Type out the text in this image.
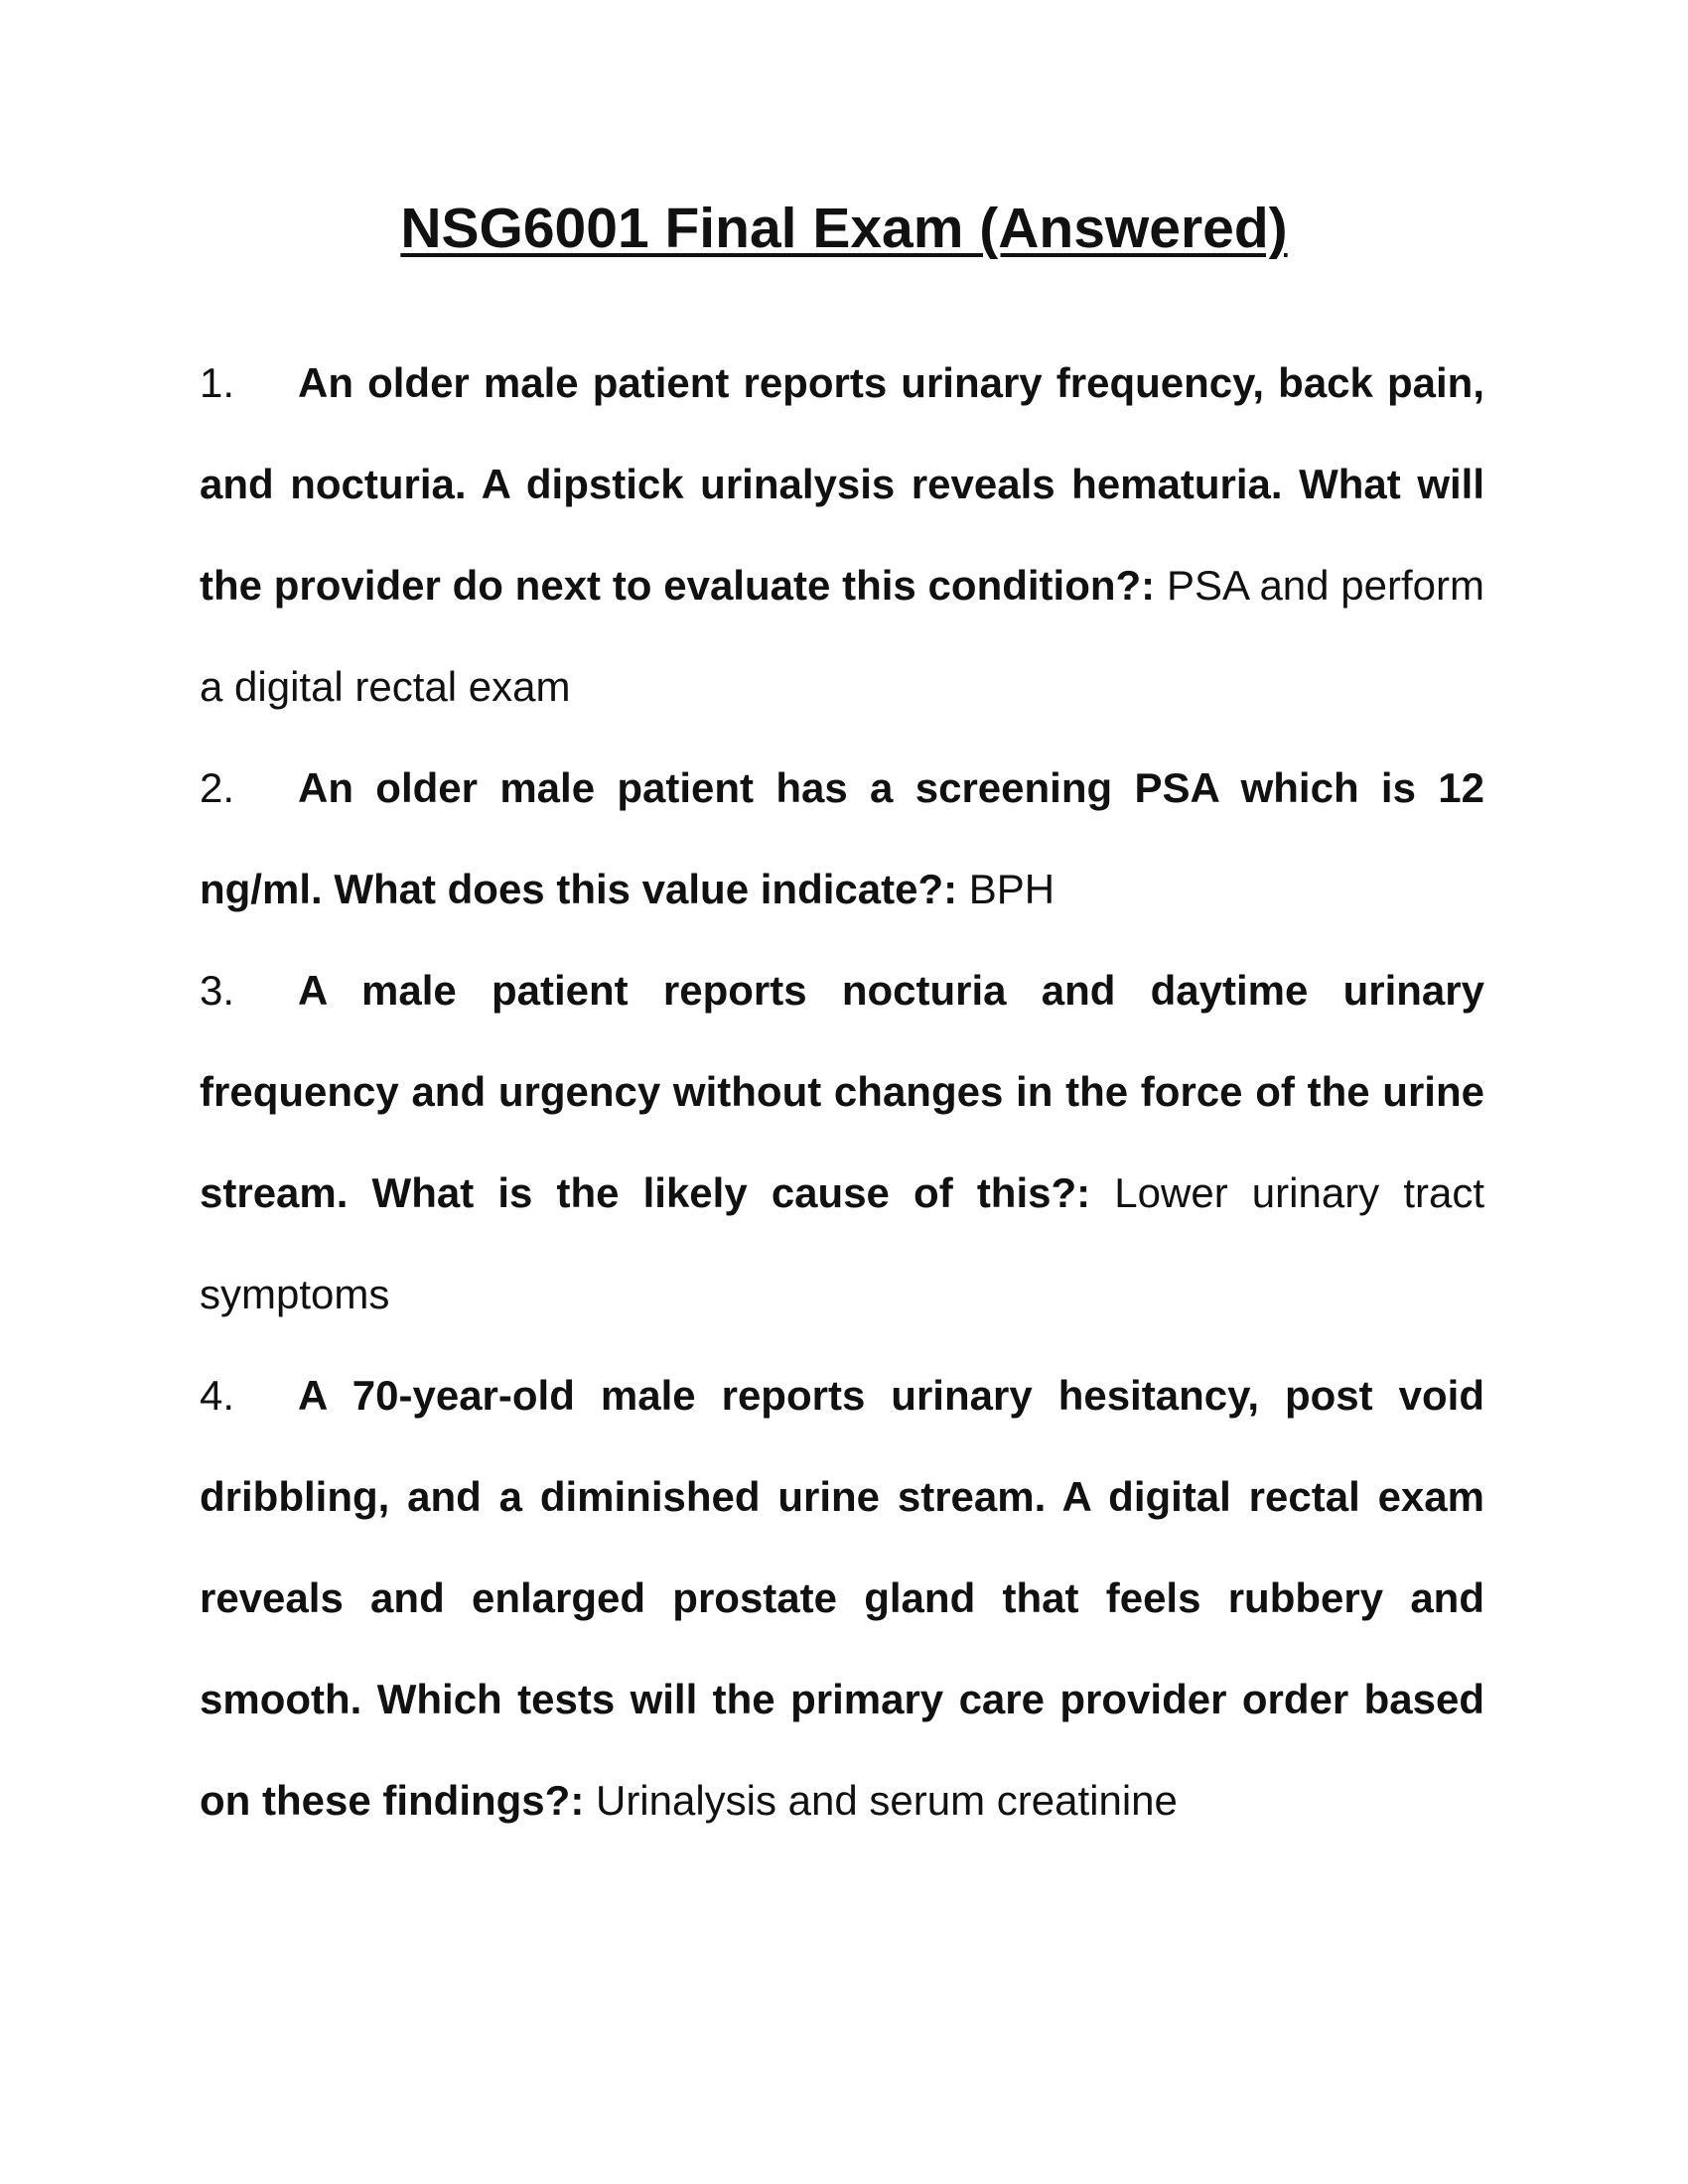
NSG6001 Final Exam (Answered)
1. An older male patient reports urinary frequency, back pain, and nocturia. A dipstick urinalysis reveals hematuria. What will the provider do next to evaluate this condition?: PSA and perform a digital rectal exam
2. An older male patient has a screening PSA which is 12 ng/ml. What does this value indicate?: BPH
3. A male patient reports nocturia and daytime urinary frequency and urgency without changes in the force of the urine stream. What is the likely cause of this?: Lower urinary tract symptoms
4. A 70-year-old male reports urinary hesitancy, post void dribbling, and a diminished urine stream. A digital rectal exam reveals and enlarged prostate gland that feels rubbery and smooth. Which tests will the primary care provider order based on these findings?: Urinalysis and serum creatinine
